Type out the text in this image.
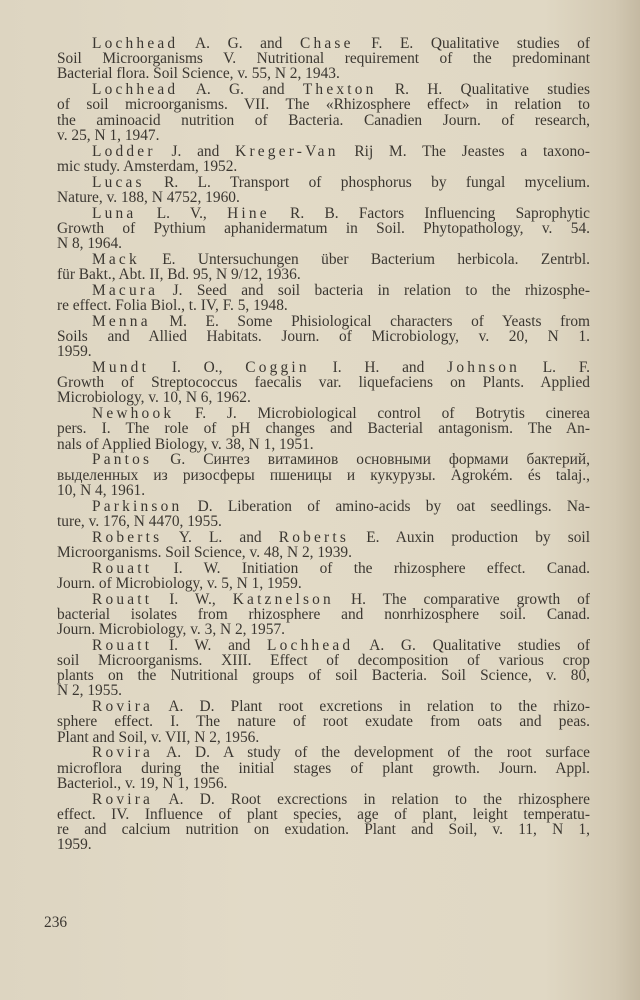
Lochhead A. G. and Chase F. E. Qualitative studies of
Soil Microorganisms V. Nutritional requirement of the predominant
Bacterial flora. Soil Science, v. 55, N 2, 1943.
Lochhead A. G. and Thexton R. H. Qualitative studies
of soil microorganisms. VII. The «Rhizosphere effect» in relation to
the aminoacid nutrition of Bacteria. Canadien Journ. of research,
v. 25, N 1, 1947.
Lodder J. and Kreger-Van Rij M. The Jeastes a taxono-
mic study. Amsterdam, 1952.
Lucas R. L. Transport of phosphorus by fungal mycelium.
Nature, v. 188, N 4752, 1960.
Luna L. V., Hine R. B. Factors Influencing Saprophytic
Growth of Pythium aphanidermatum in Soil. Phytopathology, v. 54.
N 8, 1964.
Mack E. Untersuchungen über Bacterium herbicola. Zentrbl.
für Bakt., Abt. II, Bd. 95, N 9/12, 1936.
Macura J. Seed and soil bacteria in relation to the rhizosphe-
re effect. Folia Biol., t. IV, F. 5, 1948.
Menna M. E. Some Phisiological characters of Yeasts from
Soils and Allied Habitats. Journ. of Microbiology, v. 20, N 1.
1959.
Mundt I. O., Coggin I. H. and Johnson L. F.
Growth of Streptococcus faecalis var. liquefaciens on Plants. Applied
Microbiology, v. 10, N 6, 1962.
Newhook F. J. Microbiological control of Botrytis cinerea
pers. I. The role of pH changes and Bacterial antagonism. The An-
nals of Applied Biology, v. 38, N 1, 1951.
Pantos G. Синтез витаминов основными формами бактерий,
выделенных из ризосферы пшеницы и кукурузы. Agrokém. és talaj.,
10, N 4, 1961.
Parkinson D. Liberation of amino-acids by oat seedlings. Na-
ture, v. 176, N 4470, 1955.
Roberts Y. L. and Roberts E. Auxin production by soil
Microorganisms. Soil Science, v. 48, N 2, 1939.
Rouatt I. W. Initiation of the rhizosphere effect. Canad.
Journ. of Microbiology, v. 5, N 1, 1959.
Rouatt I. W., Katznelson H. The comparative growth of
bacterial isolates from rhizosphere and nonrhizosphere soil. Canad.
Journ. Microbiology, v. 3, N 2, 1957.
Rouatt I. W. and Lochhead A. G. Qualitative studies of
soil Microorganisms. XIII. Effect of decomposition of various crop
plants on the Nutritional groups of soil Bacteria. Soil Science, v. 80,
N 2, 1955.
Rovira A. D. Plant root excretions in relation to the rhizo-
sphere effect. I. The nature of root exudate from oats and peas.
Plant and Soil, v. VII, N 2, 1956.
Rovira A. D. A study of the development of the root surface
microflora during the initial stages of plant growth. Journ. Appl.
Bacteriol., v. 19, N 1, 1956.
Rovira A. D. Root excrections in relation to the rhizosphere
effect. IV. Influence of plant species, age of plant, leight temperatu-
re and calcium nutrition on exudation. Plant and Soil, v. 11, N 1,
1959.
236
